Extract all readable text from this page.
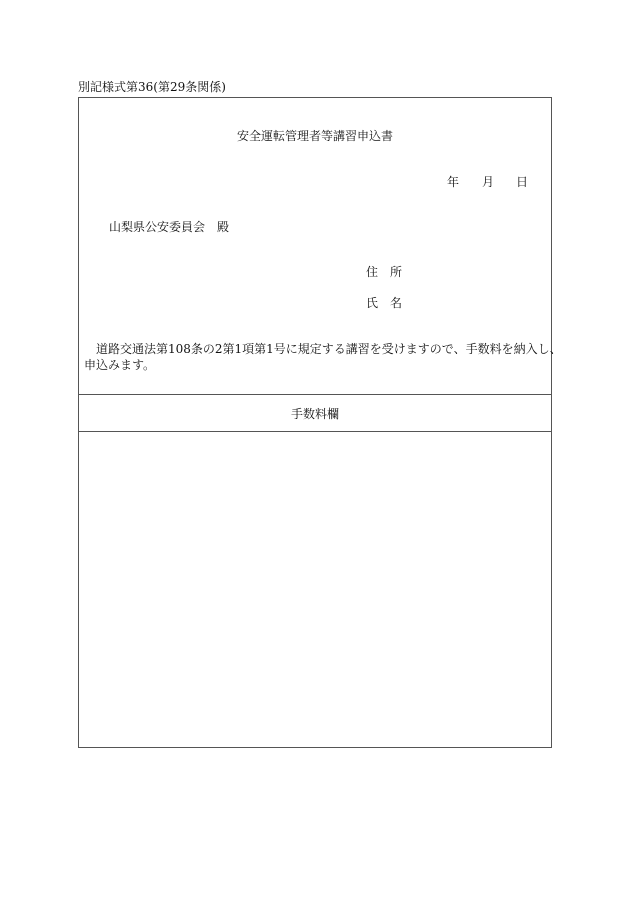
別記様式第36(第29条関係)
安全運転管理者等講習申込書
年 月 日
山梨県公安委員会　殿
住　所
氏　名
　道路交通法第108条の2第1項第1号に規定する講習を受けますので、手数料を納入し、
申込みます。
手数料欄
